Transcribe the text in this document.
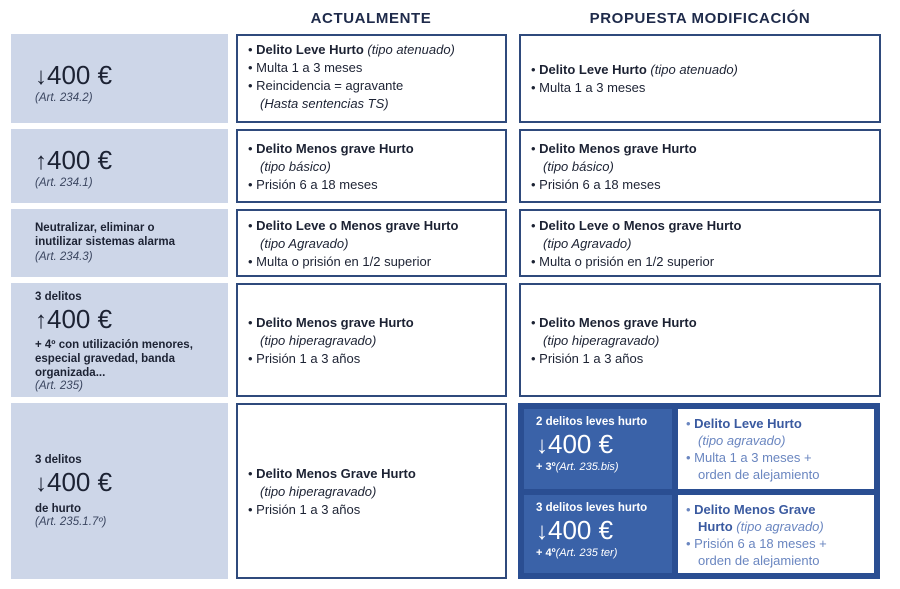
ACTUALMENTE	PROPUESTA MODIFICACIÓN
↓400 €
(Art. 234.2)
• Delito Leve Hurto (tipo atenuado)
• Multa 1 a 3 meses
• Reincidencia = agravante
(Hasta sentencias TS)
• Delito Leve Hurto (tipo atenuado)
• Multa 1 a 3 meses
↑400 €
(Art. 234.1)
• Delito Menos grave Hurto
(tipo básico)
• Prisión 6 a 18 meses
• Delito Menos grave Hurto
(tipo básico)
• Prisión 6 a 18 meses
Neutralizar, eliminar o
inutilizar sistemas alarma
(Art. 234.3)
• Delito Leve o Menos grave Hurto
(tipo Agravado)
• Multa o prisión en 1/2 superior
• Delito Leve o Menos grave Hurto
(tipo Agravado)
• Multa o prisión en 1/2 superior
3 delitos
↑400 €
+ 4º con utilización menores,
especial gravedad, banda
organizada...
(Art. 235)
• Delito Menos grave Hurto
(tipo hiperagravado)
• Prisión 1 a 3 años
• Delito Menos grave Hurto
(tipo hiperagravado)
• Prisión 1 a 3 años
3 delitos
↓400 €
de hurto
(Art. 235.1.7º)
• Delito Menos Grave Hurto
(tipo hiperagravado)
• Prisión 1 a 3 años
2 delitos leves hurto
↓400 €
+ 3º(Art. 235.bis)
• Delito Leve Hurto
(tipo agravado)
• Multa 1 a 3 meses +
orden de alejamiento
3 delitos leves hurto
↓400 €
+ 4º(Art. 235 ter)
• Delito Menos Grave
Hurto (tipo agravado)
• Prisión 6 a 18 meses +
orden de alejamiento
